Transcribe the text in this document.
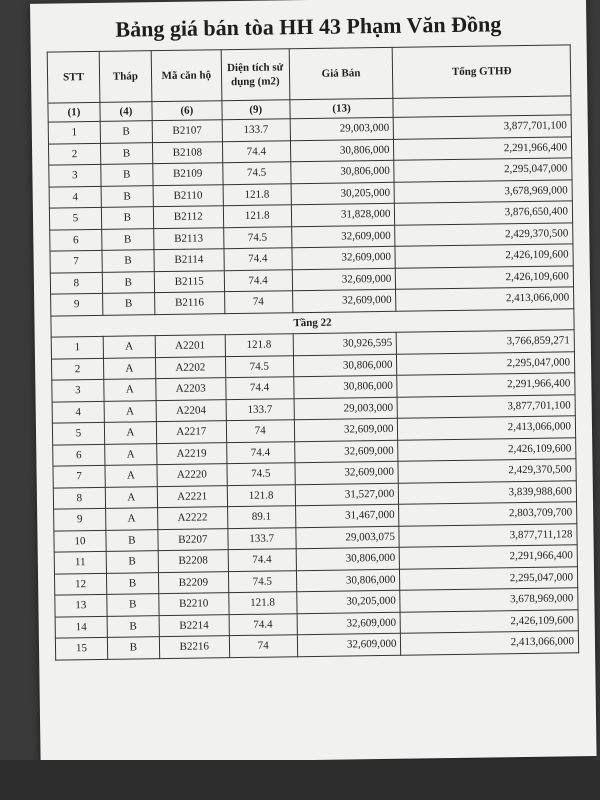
Bảng giá bán tòa HH 43 Phạm Văn Đồng
STT	Tháp	Mã căn hộ	Diện tích sử dụng (m2)	Giá Bán	Tổng GTHĐ
(1)	(4)	(6)	(9)	(13)	
1	B	B2107	133.7	29,003,000	3,877,701,100
2	B	B2108	74.4	30,806,000	2,291,966,400
3	B	B2109	74.5	30,806,000	2,295,047,000
4	B	B2110	121.8	30,205,000	3,678,969,000
5	B	B2112	121.8	31,828,000	3,876,650,400
6	B	B2113	74.5	32,609,000	2,429,370,500
7	B	B2114	74.4	32,609,000	2,426,109,600
8	B	B2115	74.4	32,609,000	2,426,109,600
9	B	B2116	74	32,609,000	2,413,066,000
Tầng 22					
1	A	A2201	121.8	30,926,595	3,766,859,271
2	A	A2202	74.5	30,806,000	2,295,047,000
3	A	A2203	74.4	30,806,000	2,291,966,400
4	A	A2204	133.7	29,003,000	3,877,701,100
5	A	A2217	74	32,609,000	2,413,066,000
6	A	A2219	74.4	32,609,000	2,426,109,600
7	A	A2220	74.5	32,609,000	2,429,370,500
8	A	A2221	121.8	31,527,000	3,839,988,600
9	A	A2222	89.1	31,467,000	2,803,709,700
10	B	B2207	133.7	29,003,075	3,877,711,128
11	B	B2208	74.4	30,806,000	2,291,966,400
12	B	B2209	74.5	30,806,000	2,295,047,000
13	B	B2210	121.8	30,205,000	3,678,969,000
14	B	B2214	74.4	32,609,000	2,426,109,600
15	B	B2216	74	32,609,000	2,413,066,000
